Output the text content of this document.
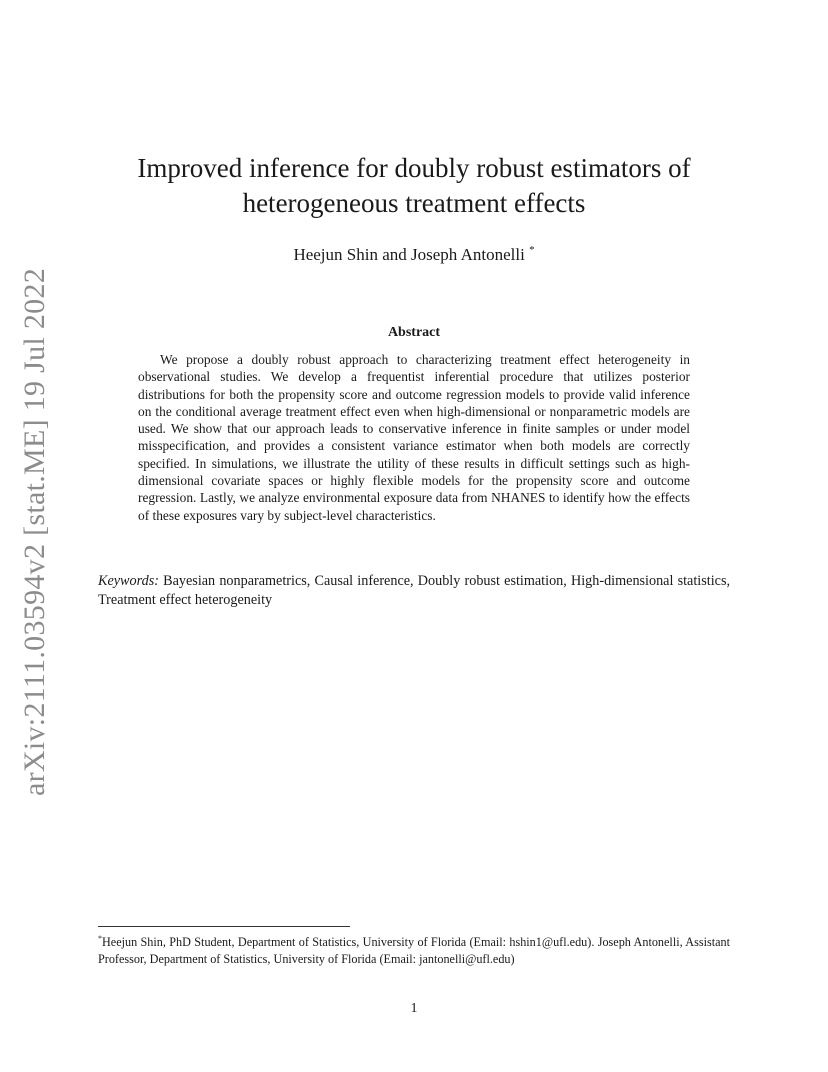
arXiv:2111.03594v2 [stat.ME] 19 Jul 2022
Improved inference for doubly robust estimators of
heterogeneous treatment effects
Heejun Shin and Joseph Antonelli *
Abstract

We propose a doubly robust approach to characterizing treatment effect heterogeneity in observational studies. We develop a frequentist inferential procedure that utilizes posterior distributions for both the propensity score and outcome regression models to provide valid inference on the conditional average treatment effect even when high-dimensional or nonparametric models are used. We show that our approach leads to conservative inference in finite samples or under model misspecification, and provides a consistent variance estimator when both models are correctly specified. In simulations, we illustrate the utility of these results in difficult settings such as high-dimensional covariate spaces or highly flexible models for the propensity score and outcome regression. Lastly, we analyze environmental exposure data from NHANES to identify how the effects of these exposures vary by subject-level characteristics.

Keywords: Bayesian nonparametrics, Causal inference, Doubly robust estimation, High-dimensional statistics, Treatment effect heterogeneity

*Heejun Shin, PhD Student, Department of Statistics, University of Florida (Email: hshin1@ufl.edu). Joseph Antonelli, Assistant Professor, Department of Statistics, University of Florida (Email: jantonelli@ufl.edu)

1
